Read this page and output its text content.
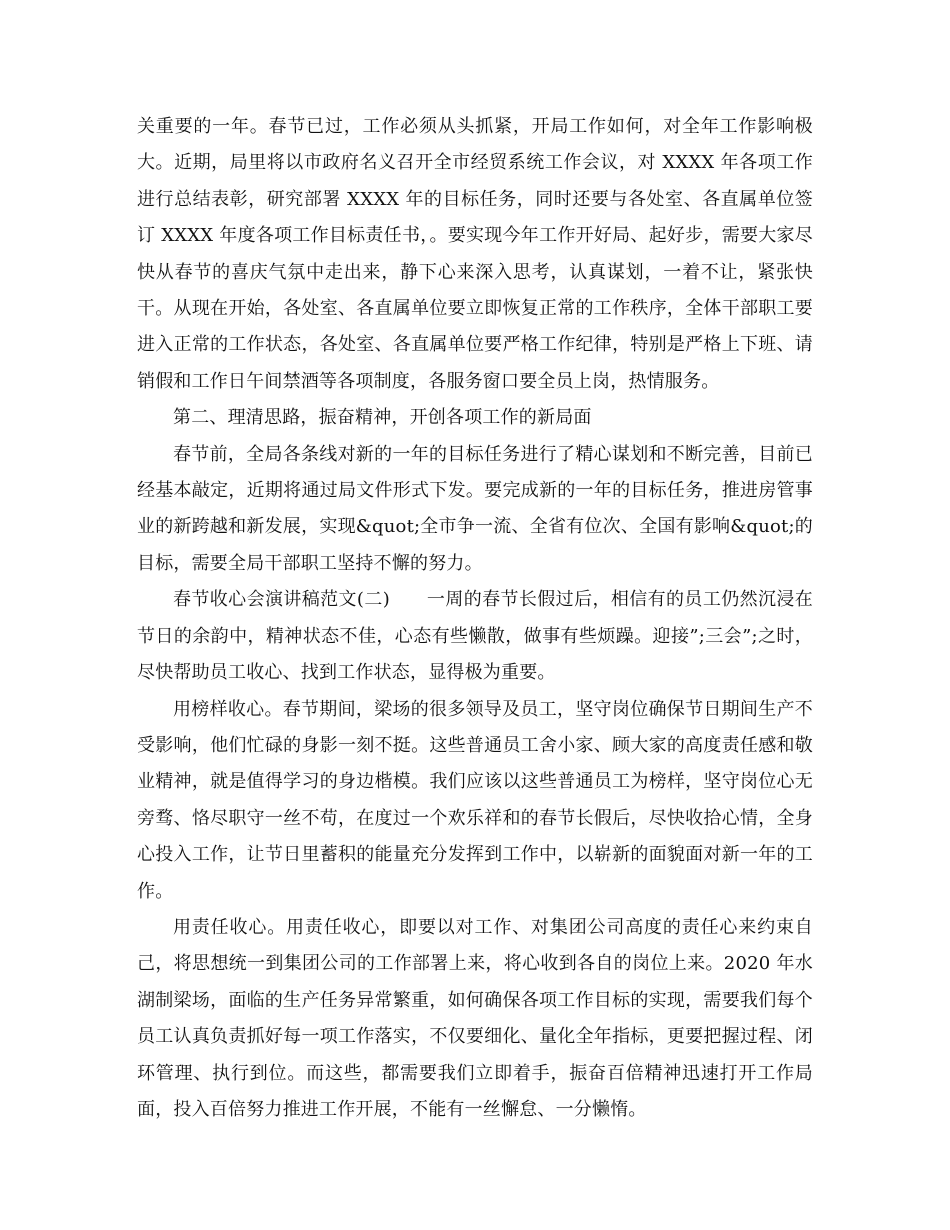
关重要的一年。春节已过，工作必须从头抓紧，开局工作如何，对全年工作影响极大。近期，局里将以市政府名义召开全市经贸系统工作会议，对 XXXX 年各项工作进行总结表彰，研究部署 XXXX 年的目标任务，同时还要与各处室、各直属单位签订 XXXX 年度各项工作目标责任书，。要实现今年工作开好局、起好步，需要大家尽快从春节的喜庆气氛中走出来，静下心来深入思考，认真谋划，一着不让，紧张快干。从现在开始，各处室、各直属单位要立即恢复正常的工作秩序，全体干部职工要进入正常的工作状态，各处室、各直属单位要严格工作纪律，特别是严格上下班、请销假和工作日午间禁酒等各项制度，各服务窗口要全员上岗，热情服务。

第二、理清思路，振奋精神，开创各项工作的新局面

春节前，全局各条线对新的一年的目标任务进行了精心谋划和不断完善，目前已经基本敲定，近期将通过局文件形式下发。要完成新的一年的目标任务，推进房管事业的新跨越和新发展，实现&quot;全市争一流、全省有位次、全国有影响&quot;的目标，需要全局干部职工坚持不懈的努力。

春节收心会演讲稿范文(二)　　一周的春节长假过后，相信有的员工仍然沉浸在节日的余韵中，精神状态不佳，心态有些懒散，做事有些烦躁。迎接”;三会”;之时，尽快帮助员工收心、找到工作状态，显得极为重要。

用榜样收心。春节期间，梁场的很多领导及员工，坚守岗位确保节日期间生产不受影响，他们忙碌的身影一刻不挺。这些普通员工舍小家、顾大家的高度责任感和敬业精神，就是值得学习的身边楷模。我们应该以这些普通员工为榜样，坚守岗位心无旁骛、恪尽职守一丝不苟，在度过一个欢乐祥和的春节长假后，尽快收拾心情，全身心投入工作，让节日里蓄积的能量充分发挥到工作中，以崭新的面貌面对新一年的工作。

用责任收心。用责任收心，即要以对工作、对集团公司高度的责任心来约束自己，将思想统一到集团公司的工作部署上来，将心收到各自的岗位上来。2020 年水湖制梁场，面临的生产任务异常繁重，如何确保各项工作目标的实现，需要我们每个员工认真负责抓好每一项工作落实，不仅要细化、量化全年指标，更要把握过程、闭环管理、执行到位。而这些，都需要我们立即着手，振奋百倍精神迅速打开工作局面，投入百倍努力推进工作开展，不能有一丝懈怠、一分懒惰。
